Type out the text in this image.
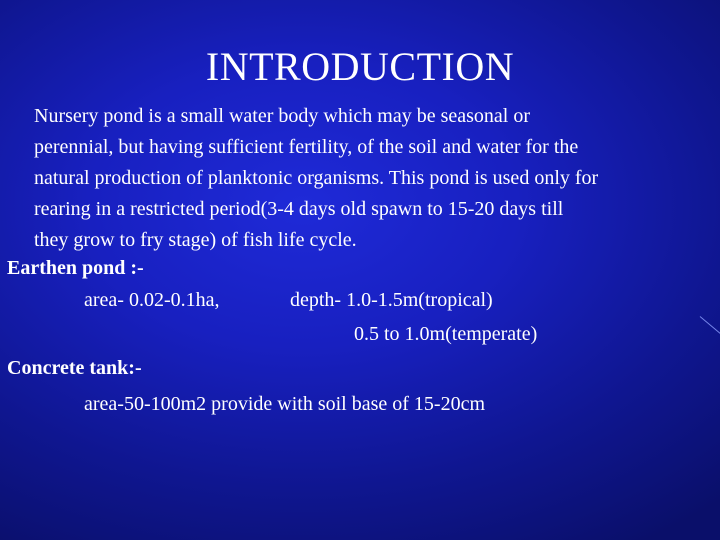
INTRODUCTION
Nursery pond is a small water body which may be seasonal or
perennial, but having sufficient fertility, of the soil and water for the
natural production of planktonic organisms. This pond is used only for
rearing in a restricted period(3-4 days old spawn to 15-20 days till
they grow to fry stage) of fish life cycle.
Earthen pond :-
area- 0.02-0.1ha,	depth- 1.0-1.5m(tropical)
0.5 to 1.0m(temperate)
Concrete tank:-
area-50-100m2 provide with soil base of 15-20cm
